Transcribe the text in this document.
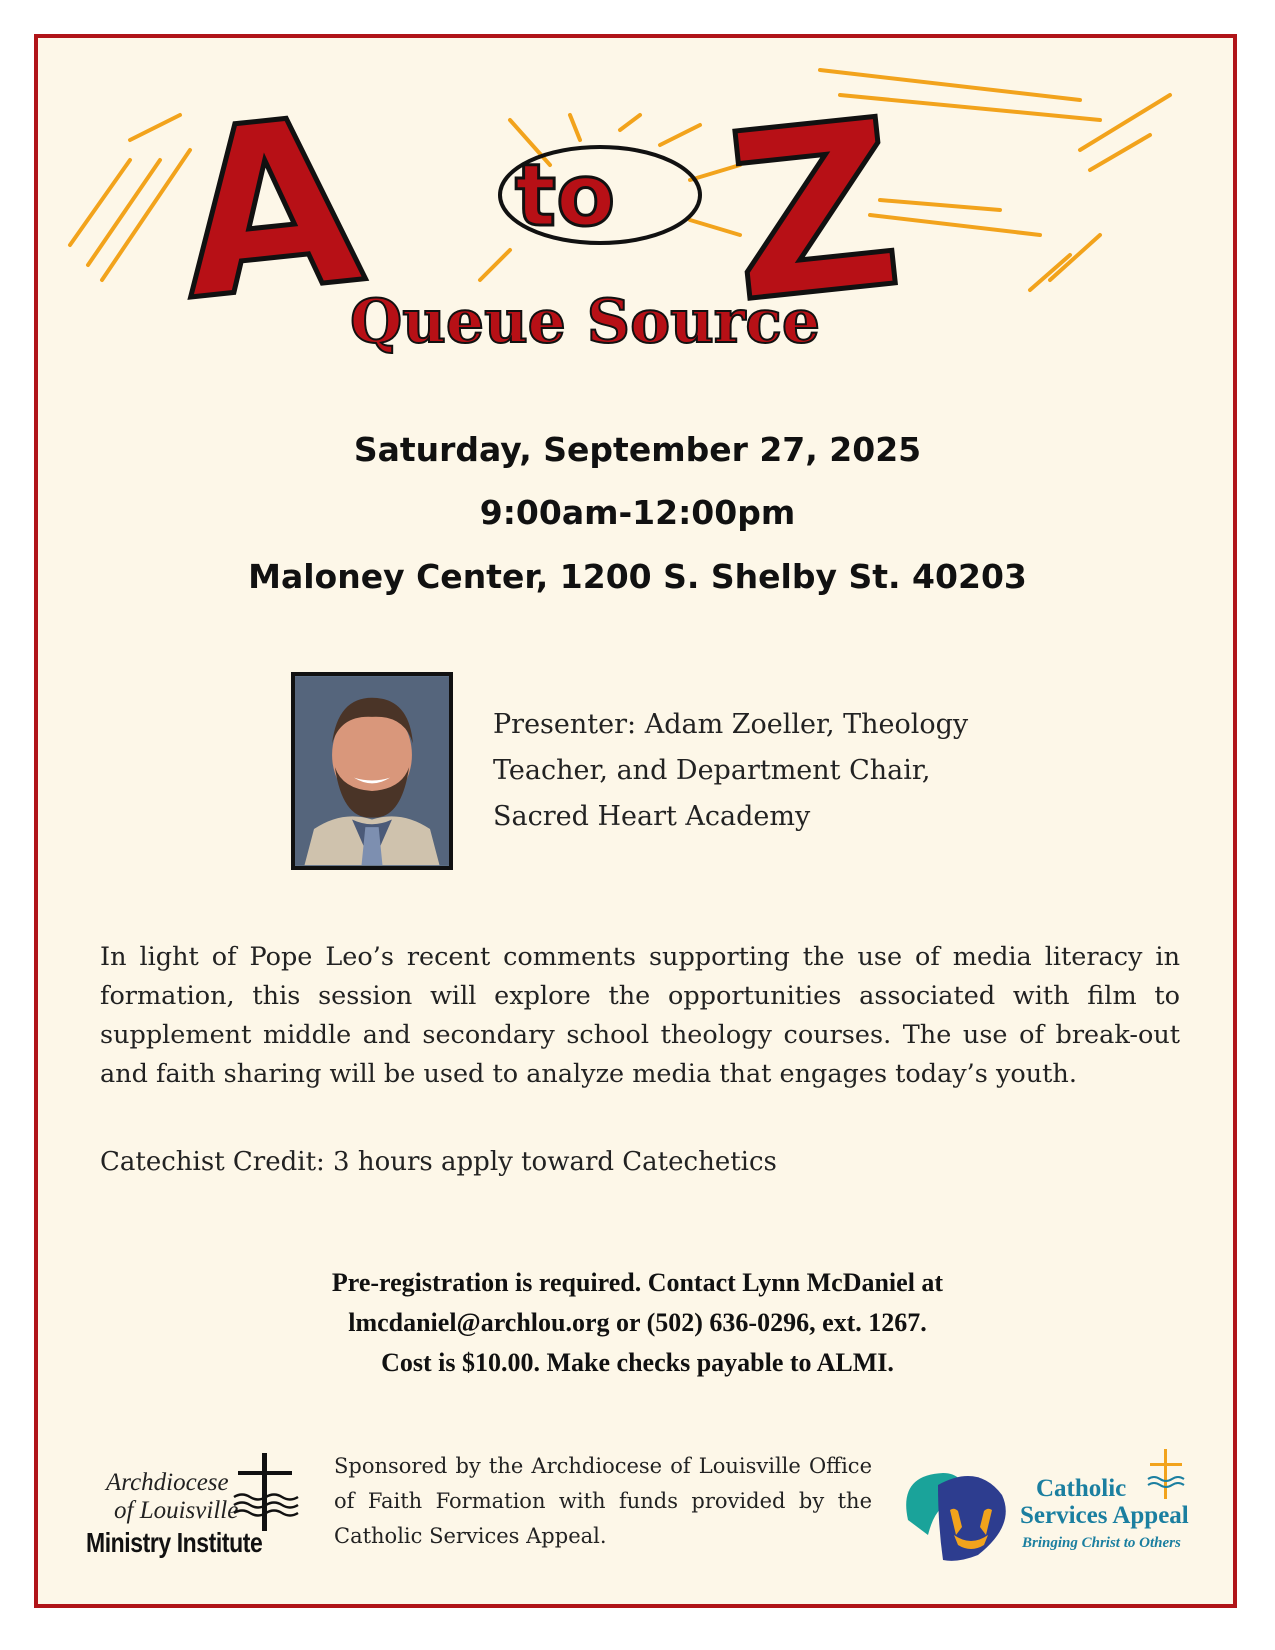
A to Z
Queue Source
Saturday, September 27, 2025
9:00am-12:00pm
Maloney Center, 1200 S. Shelby St. 40203
Presenter: Adam Zoeller, Theology
Teacher, and Department Chair,
Sacred Heart Academy
In light of Pope Leo’s recent comments supporting the use of media literacy in formation, this session will explore the opportunities associated with film to supplement middle and secondary school theology courses. The use of break-out and faith sharing will be used to analyze media that engages today’s youth.
Catechist Credit: 3 hours apply toward Catechetics
Pre-registration is required. Contact Lynn McDaniel at
lmcdaniel@archlou.org or (502) 636-0296, ext. 1267.
Cost is $10.00. Make checks payable to ALMI.
Archdiocese
of Louisville
Ministry Institute
Sponsored by the Archdiocese of Louisville Office of Faith Formation with funds provided by the Catholic Services Appeal.
Catholic
Services Appeal
Bringing Christ to Others
